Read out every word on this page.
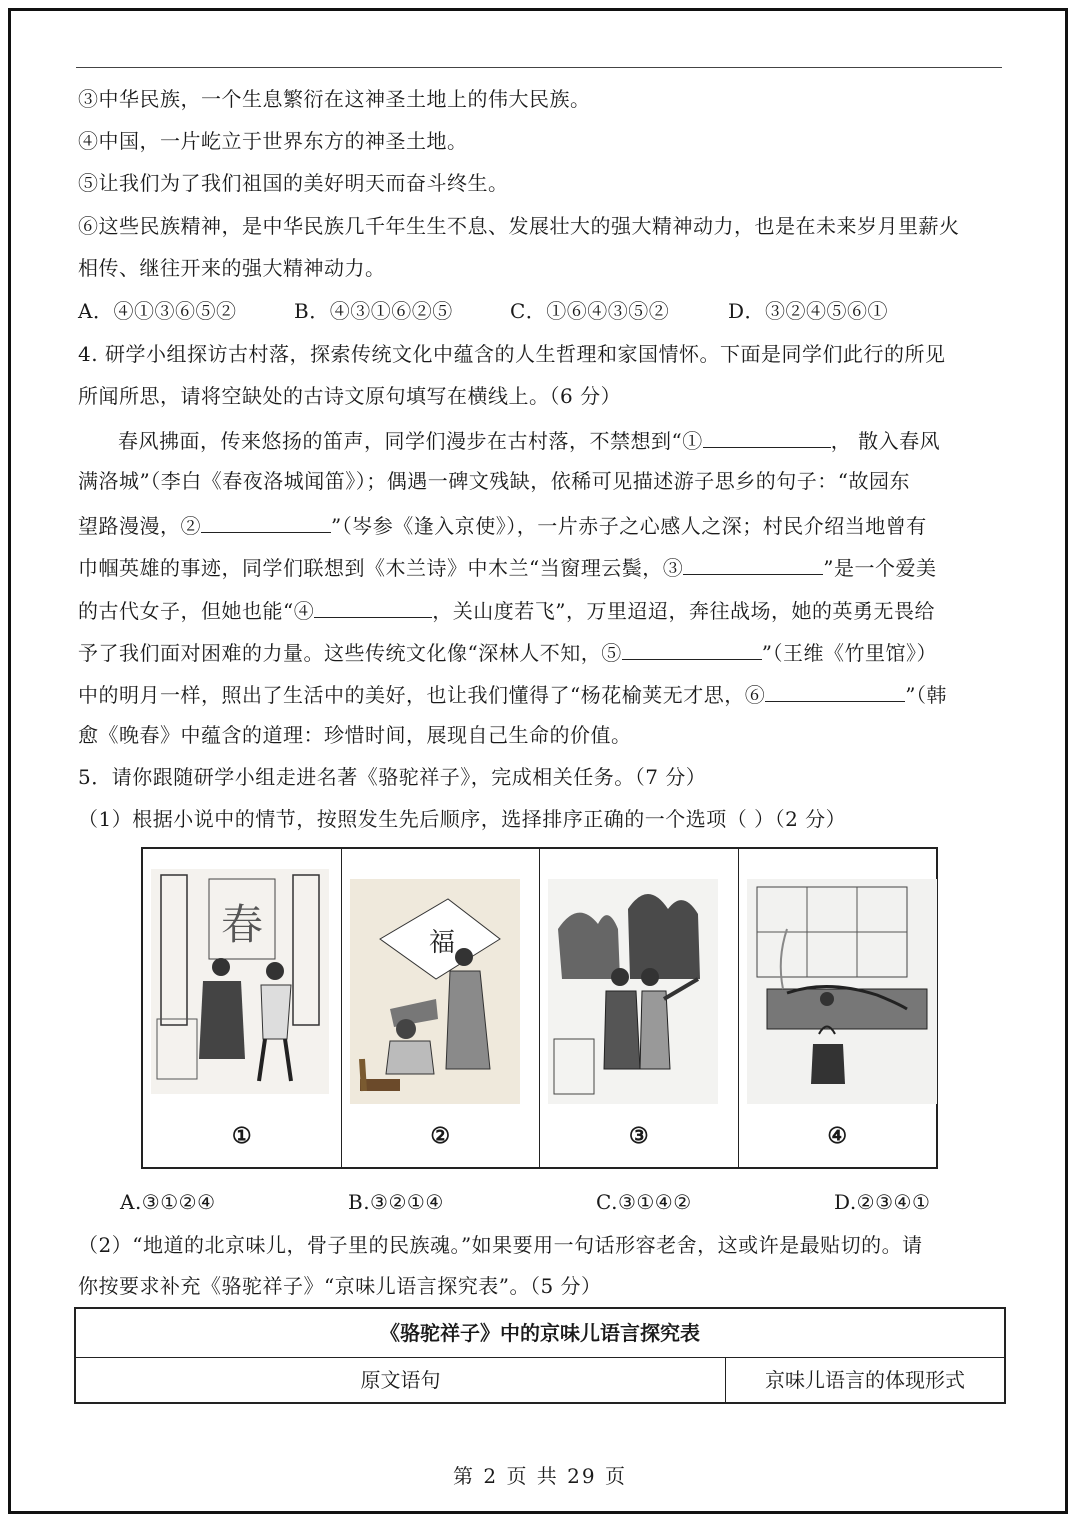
③中华民族，一个生息繁衍在这神圣土地上的伟大民族。
④中国，一片屹立于世界东方的神圣土地。
⑤让我们为了我们祖国的美好明天而奋斗终生。
⑥这些民族精神，是中华民族几千年生生不息、发展壮大的强大精神动力，也是在未来岁月里薪火
相传、继往开来的强大精神动力。
A．④①③⑥⑤②	B．④③①⑥②⑤	C．①⑥④③⑤②	D．③②④⑤⑥①
4. 研学小组探访古村落，探索传统文化中蕴含的人生哲理和家国情怀。下面是同学们此行的所见
所闻所思，请将空缺处的古诗文原句填写在横线上。（6 分）
春风拂面，传来悠扬的笛声，同学们漫步在古村落，不禁想到“①	， 散入春风
满洛城”（李白《春夜洛城闻笛》）；偶遇一碑文残缺，依稀可见描述游子思乡的句子：“故园东
望路漫漫，②	”（岑参《逢入京使》），一片赤子之心感人之深；村民介绍当地曾有
巾帼英雄的事迹，同学们联想到《木兰诗》中木兰“当窗理云鬓，③	”是一个爱美
的古代女子，但她也能“④	，关山度若飞”，万里迢迢，奔往战场，她的英勇无畏给
予了我们面对困难的力量。这些传统文化像“深林人不知，⑤	”（王维《竹里馆》）
中的明月一样，照出了生活中的美好，也让我们懂得了“杨花榆荚无才思，⑥	”（韩
愈《晚春》中蕴含的道理：珍惜时间，展现自己生命的价值。
5．请你跟随研学小组走进名著《骆驼祥子》，完成相关任务。（7 分）
（1）根据小说中的情节，按照发生先后顺序，选择排序正确的一个选项（ ）（2 分）
春
①
福
②	③	④
A.③①②④	B.③②①④	C.③①④②	D.②③④①
（2）“地道的北京味儿，骨子里的民族魂。”如果要用一句话形容老舍，这或许是最贴切的。请
你按要求补充《骆驼祥子》“京味儿语言探究表”。（5 分）
《骆驼祥子》中的京味儿语言探究表
原文语句	京味儿语言的体现形式
第 2 页 共 29 页
